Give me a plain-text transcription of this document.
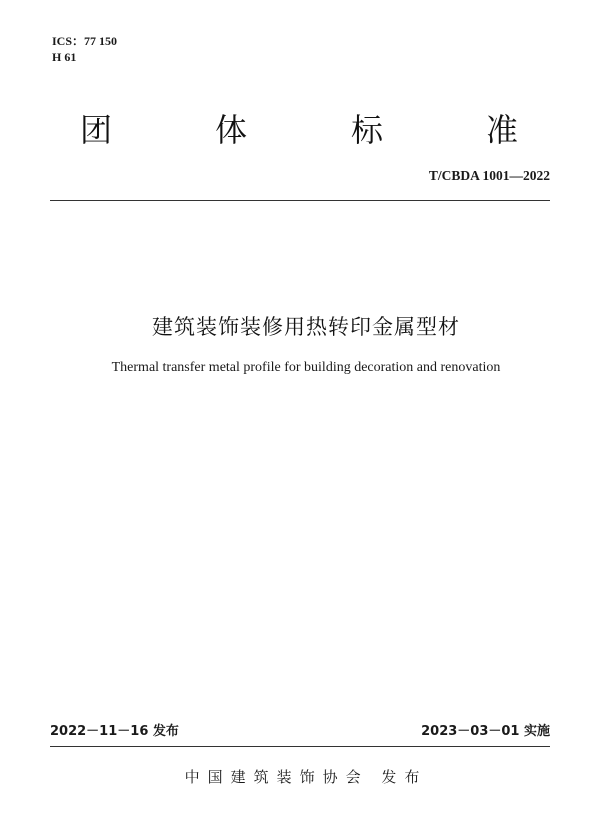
ICS：77 150
H 61
团	体	标	准
T/CBDA 1001—2022
建筑装饰装修用热转印金属型材
Thermal transfer metal profile for building decoration and renovation
2022－11－16 发布	2023－03－01 实施
中国建筑装饰协会 发布
